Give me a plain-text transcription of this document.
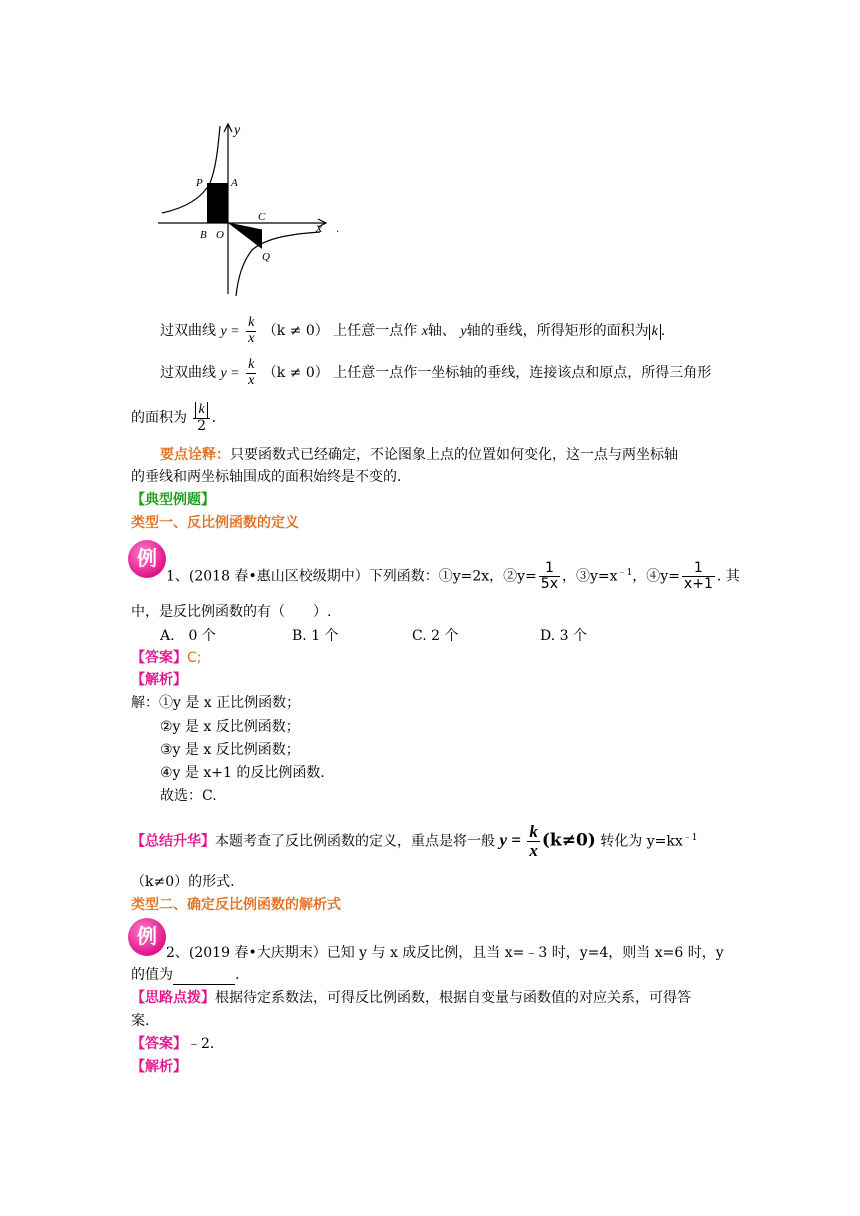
y
x
P	A
B O
C
Q
.
过双曲线 $y = \frac{k}{x} (k \ne 0)$ 上任意一点作 x轴、 y轴的垂线，所得矩形的面积为 k .
过双曲线 $y = \frac{k}{x} (k \ne 0)$ 上任意一点作一坐标轴的垂线，连接该点和原点，所得三角形
的面积为 $\frac{k}{2}$ .
要点诠释：只要函数式已经确定，不论图象上点的位置如何变化，这一点与两坐标轴
的垂线和两坐标轴围成的面积始终是不变的.
【典型例题】
类型一、反比例函数的定义
例
1、(2018 春•惠山区校级期中）下列函数：①y=2x，②y= $\frac{1}{5x}$ ，$③y=x^{﹣1}$，④y= $\frac{1}{x+1}$ . 其
中，是反比例函数的有（　　）.
A.　0 个	B. 1 个	C. 2 个	D. 3 个
【答案】C;
【解析】
解：①y 是 x 正比例函数；
②y 是 x 反比例函数；
③y 是 x 反比例函数；
④y 是 x+1 的反比例函数.
故选：C.
【总结升华】本题考查了反比例函数的定义，重点是将一般 $y = \frac{k}{x} (k\ne 0)$ 转化为 $y=kx^{﹣1}$
（k≠0）的形式.
类型二、确定反比例函数的解析式
例
2、(2019 春•大庆期末）已知 y 与 x 成反比例，且当 x=﹣3 时，y=4，则当 x=6 时，y
的值为	.
【思路点拨】根据待定系数法，可得反比例函数，根据自变量与函数值的对应关系，可得答
案.
【答案】﹣2.
【解析】
